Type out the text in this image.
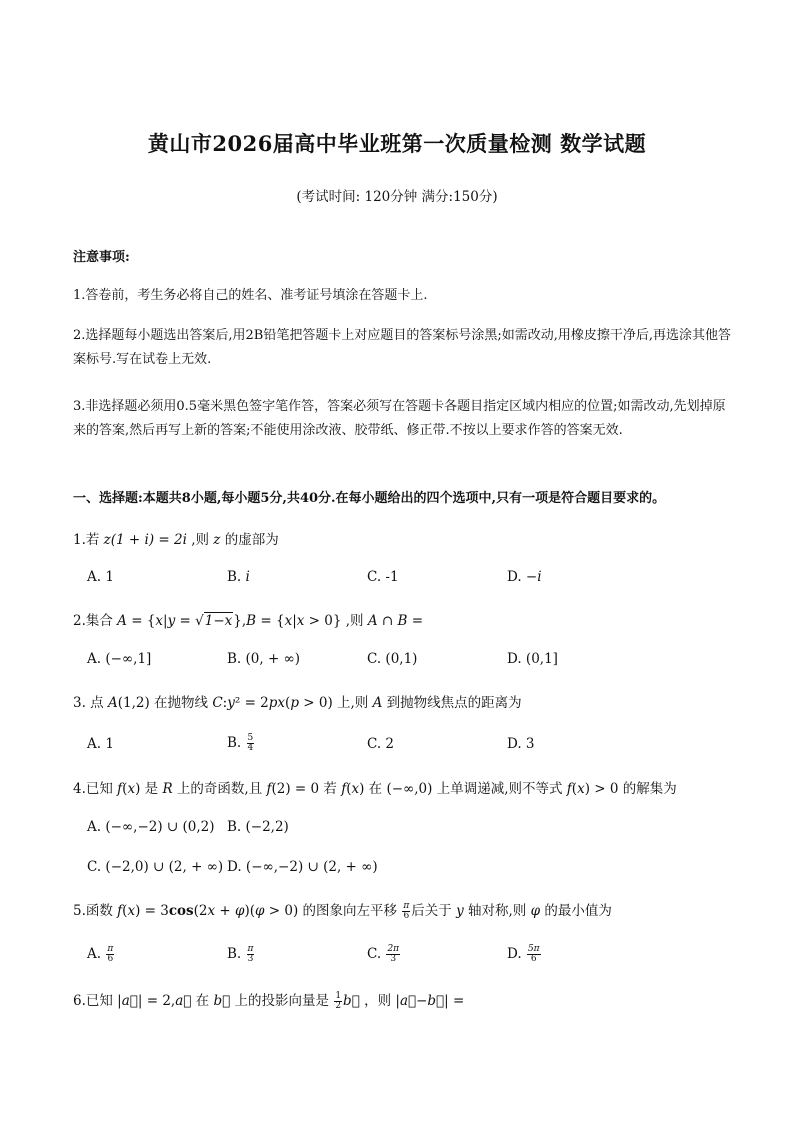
黄山市2026届高中毕业班第一次质量检测 数学试题
(考试时间: 120分钟 满分:150分)
注意事项:
1.答卷前，考生务必将自己的姓名、准考证号填涂在答题卡上.
2.选择题每小题选出答案后,用2B铅笔把答题卡上对应题目的答案标号涂黑;如需改动,用橡皮擦干净后,再选涂其他答案标号.写在试卷上无效.
3.非选择题必须用0.5毫米黑色签字笔作答，答案必须写在答题卡各题目指定区域内相应的位置;如需改动,先划掉原来的答案,然后再写上新的答案;不能使用涂改液、胶带纸、修正带.不按以上要求作答的答案无效.
一、选择题:本题共8小题,每小题5分,共40分.在每小题给出的四个选项中,只有一项是符合题目要求的。
1.若 z(1 + i) = 2i ,则 z 的虚部为
A. 1	B. i	C. -1	D. −i
2.集合 A = {x|y = √1−x},B = {x|x > 0} ,则 A ∩ B =
A. (−∞,1]	B. (0, + ∞)	C. (0,1)	D. (0,1]
3. 点 A(1,2) 在抛物线 C:y² = 2px(p > 0) 上,则 A 到抛物线焦点的距离为
A. 1	B. $\frac{5}{4}$	C. 2	D. 3
4.已知 f(x) 是 R 上的奇函数,且 f(2) = 0 若 f(x) 在 (−∞,0) 上单调递减,则不等式 f(x) > 0 的解集为
A. (−∞,−2) ∪ (0,2) B. (−2,2)
C. (−2,0) ∪ (2, + ∞) D. (−∞,−2) ∪ (2, + ∞)
5.函数 f(x) = 3cos(2x + φ)(φ > 0) 的图象向左平移 $\frac{\pi}{6}$ 后关于 y 轴对称,则 φ 的最小值为
A. $\frac{\pi}{6}$	B. $\frac{\pi}{3}$	C. $\frac{2\pi}{3}$	D. $\frac{5\pi}{6}$
6.已知 |a⃗| = 2,a⃗ 在 b⃗ 上的投影向量是 $\frac{1}{2}$ b⃗ ，则 |a⃗−b⃗| =
